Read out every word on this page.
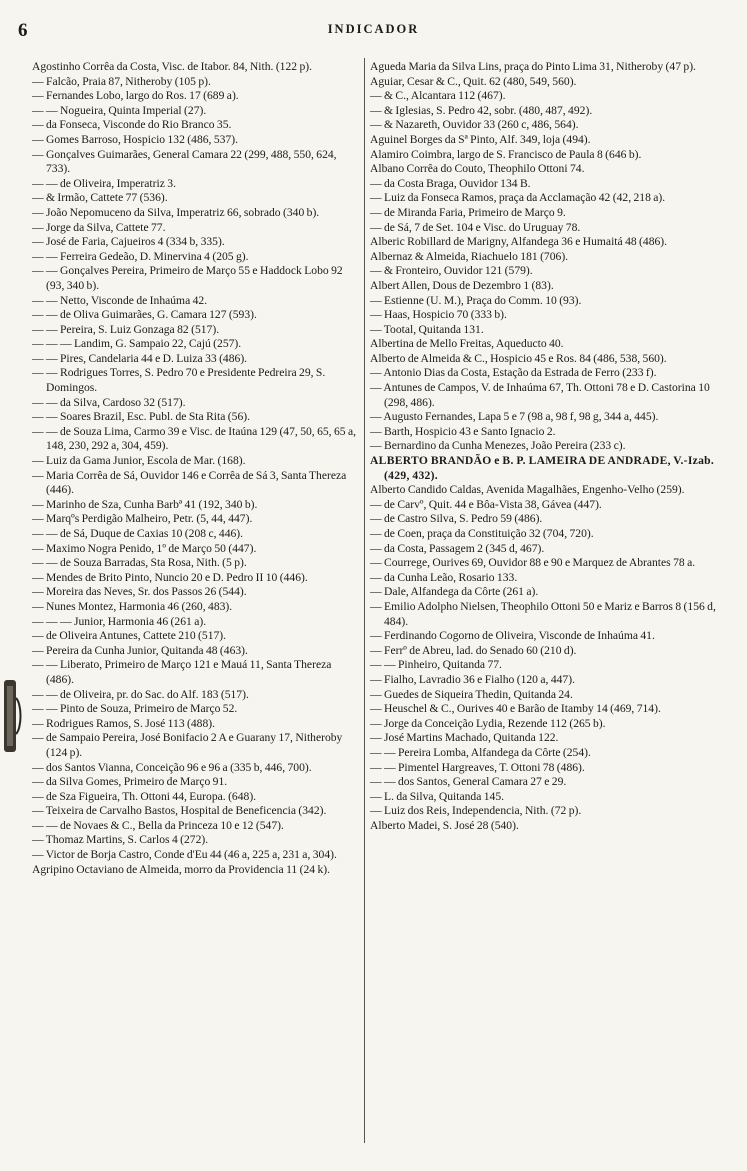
6	INDICADOR

Agostinho Corrêa da Costa, Visc. de Itabor. 84, Nith. (122 p).

— Falcão, Praia 87, Nitheroby (105 p).

— Fernandes Lobo, largo do Ros. 17 (689 a).

— — Nogueira, Quinta Imperial (27).

— da Fonseca, Visconde do Rio Branco 35.

— Gomes Barroso, Hospicio 132 (486, 537).

— Gonçalves Guimarães, General Camara 22 (299, 488, 550, 624, 733).

— — de Oliveira, Imperatriz 3.

— & Irmão, Cattete 77 (536).

— João Nepomuceno da Silva, Imperatriz 66, sobrado (340 b).

— Jorge da Silva, Cattete 77.

— José de Faria, Cajueiros 4 (334 b, 335).

— — Ferreira Gedeão, D. Minervina 4 (205 g).

— — Gonçalves Pereira, Primeiro de Março 55 e Haddock Lobo 92 (93, 340 b).

— — Netto, Visconde de Inhaúma 42.

— — de Oliva Guimarães, G. Camara 127 (593).

— — Pereira, S. Luiz Gonzaga 82 (517).

— — — Landim, G. Sampaio 22, Cajú (257).

— — Pires, Candelaria 44 e D. Luiza 33 (486).

— — Rodrigues Torres, S. Pedro 70 e Presidente Pedreira 29, S. Domingos.

— — da Silva, Cardoso 32 (517).

— — Soares Brazil, Esc. Publ. de Sta Rita (56).

— — de Souza Lima, Carmo 39 e Visc. de Itaúna 129 (47, 50, 65, 65 a, 148, 230, 292 a, 304, 459).

— Luiz da Gama Junior, Escola de Mar. (168).

— Maria Corrêa de Sá, Ouvidor 146 e Corrêa de Sá 3, Santa Thereza (446).

— Marinho de Sza, Cunha Barbª 41 (192, 340 b).

— Marqºs Perdigão Malheiro, Petr. (5, 44, 447).

— — de Sá, Duque de Caxias 10 (208 c, 446).

— Maximo Nogra Penido, 1º de Março 50 (447).

— — de Souza Barradas, Sta Rosa, Nith. (5 p).

— Mendes de Brito Pinto, Nuncio 20 e D. Pedro II 10 (446).

— Moreira das Neves, Sr. dos Passos 26 (544).

— Nunes Montez, Harmonia 46 (260, 483).

— — — Junior, Harmonia 46 (261 a).

— de Oliveira Antunes, Cattete 210 (517).

— Pereira da Cunha Junior, Quitanda 48 (463).

— — Liberato, Primeiro de Março 121 e Mauá 11, Santa Thereza (486).

— — de Oliveira, pr. do Sac. do Alf. 183 (517).

— — Pinto de Souza, Primeiro de Março 52.

— Rodrigues Ramos, S. José 113 (488).

— de Sampaio Pereira, José Bonifacio 2 A e Guarany 17, Nitheroby (124 p).

— dos Santos Vianna, Conceição 96 e 96 a (335 b, 446, 700).

— da Silva Gomes, Primeiro de Março 91.

— de Sza Figueira, Th. Ottoni 44, Europa. (648).

— Teixeira de Carvalho Bastos, Hospital de Beneficencia (342).

— — de Novaes & C., Bella da Princeza 10 e 12 (547).

— Thomaz Martins, S. Carlos 4 (272).

— Victor de Borja Castro, Conde d'Eu 44 (46 a, 225 a, 231 a, 304).

Agripino Octaviano de Almeida, morro da Providencia 11 (24 k).

Agueda Maria da Silva Lins, praça do Pinto Lima 31, Nitheroby (47 p).

Aguiar, Cesar & C., Quit. 62 (480, 549, 560).

— & C., Alcantara 112 (467).

— & Iglesias, S. Pedro 42, sobr. (480, 487, 492).

— & Nazareth, Ouvidor 33 (260 c, 486, 564).

Aguinel Borges da Sª Pinto, Alf. 349, loja (494).

Alamiro Coimbra, largo de S. Francisco de Paula 8 (646 b).

Albano Corrêa do Couto, Theophilo Ottoni 74.

— da Costa Braga, Ouvidor 134 B.

— Luiz da Fonseca Ramos, praça da Acclamação 42 (42, 218 a).

— de Miranda Faria, Primeiro de Março 9.

— de Sá, 7 de Set. 104 e Visc. do Uruguay 78.

Alberic Robillard de Marigny, Alfandega 36 e Humaitá 48 (486).

Albernaz & Almeida, Riachuelo 181 (706).

— & Fronteiro, Ouvidor 121 (579).

Albert Allen, Dous de Dezembro 1 (83).

— Estienne (U. M.), Praça do Comm. 10 (93).

— Haas, Hospicio 70 (333 b).

— Tootal, Quitanda 131.

Albertina de Mello Freitas, Aqueducto 40.

Alberto de Almeida & C., Hospicio 45 e Ros. 84 (486, 538, 560).

— Antonio Dias da Costa, Estação da Estrada de Ferro (233 f).

— Antunes de Campos, V. de Inhaúma 67, Th. Ottoni 78 e D. Castorina 10 (298, 486).

— Augusto Fernandes, Lapa 5 e 7 (98 a, 98 f, 98 g, 344 a, 445).

— Barth, Hospicio 43 e Santo Ignacio 2.

— Bernardino da Cunha Menezes, João Pereira (233 c).

ALBERTO BRANDÃO e B. P. LAMEIRA DE ANDRADE, V.-Izab. (429, 432).

Alberto Candido Caldas, Avenida Magalhães, Engenho-Velho (259).

— de Carvº, Quit. 44 e Bôa-Vista 38, Gávea (447).

— de Castro Silva, S. Pedro 59 (486).

— de Coen, praça da Constituição 32 (704, 720).

— da Costa, Passagem 2 (345 d, 467).

— Courrege, Ourives 69, Ouvidor 88 e 90 e Marquez de Abrantes 78 a.

— da Cunha Leão, Rosario 133.

— Dale, Alfandega da Côrte (261 a).

— Emilio Adolpho Nielsen, Theophilo Ottoni 50 e Mariz e Barros 8 (156 d, 484).

— Ferdinando Cogorno de Oliveira, Visconde de Inhaúma 41.

— Ferrº de Abreu, lad. do Senado 60 (210 d).

— — Pinheiro, Quitanda 77.

— Fialho, Lavradio 36 e Fialho (120 a, 447).

— Guedes de Siqueira Thedin, Quitanda 24.

— Heuschel & C., Ourives 40 e Barão de Itamby 14 (469, 714).

— Jorge da Conceição Lydia, Rezende 112 (265 b).

— José Martins Machado, Quitanda 122.

— — Pereira Lomba, Alfandega da Côrte (254).

— — Pimentel Hargreaves, T. Ottoni 78 (486).

— — dos Santos, General Camara 27 e 29.

— L. da Silva, Quitanda 145.

— Luiz dos Reis, Independencia, Nith. (72 p).

Alberto Madei, S. José 28 (540).
